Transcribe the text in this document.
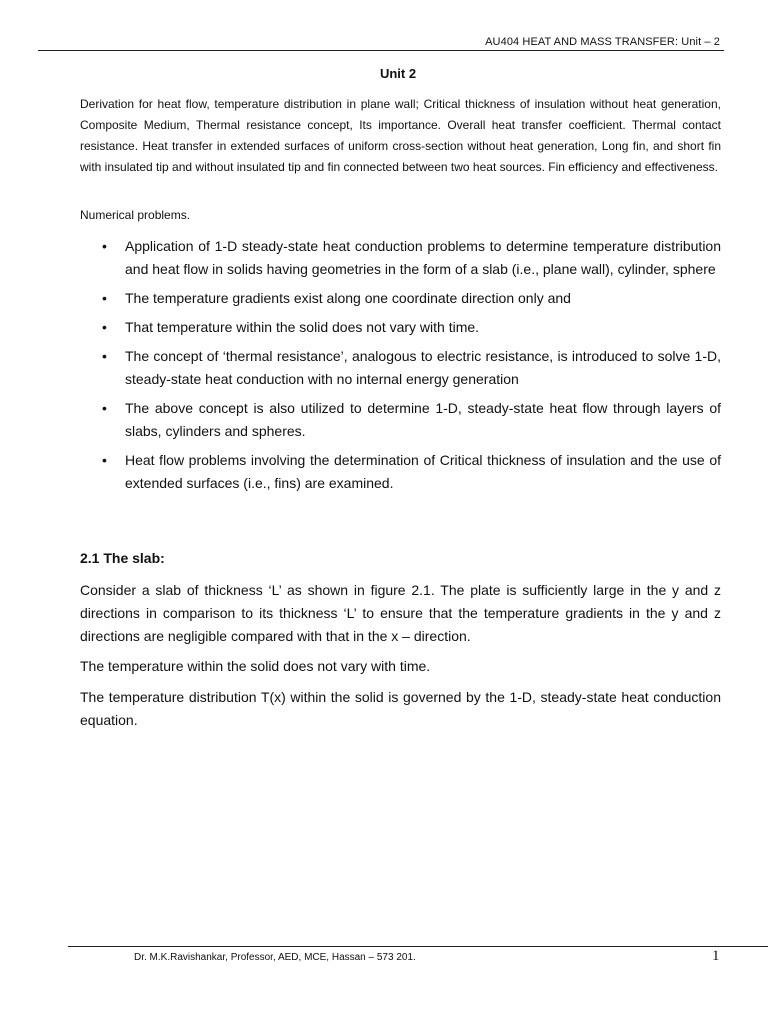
AU404 HEAT AND MASS TRANSFER: Unit – 2
Unit 2

Derivation for heat flow, temperature distribution in plane wall; Critical thickness of insulation without heat generation, Composite Medium, Thermal resistance concept, Its importance. Overall heat transfer coefficient. Thermal contact resistance. Heat transfer in extended surfaces of uniform cross-section without heat generation, Long fin, and short fin with insulated tip and without insulated tip and fin connected between two heat sources. Fin efficiency and effectiveness.

Numerical problems.
• Application of 1-D steady-state heat conduction problems to determine temperature distribution and heat flow in solids having geometries in the form of a slab (i.e., plane wall), cylinder, sphere
• The temperature gradients exist along one coordinate direction only and
• That temperature within the solid does not vary with time.
• The concept of ‘thermal resistance’, analogous to electric resistance, is introduced to solve 1-D, steady-state heat conduction with no internal energy generation
• The above concept is also utilized to determine 1-D, steady-state heat flow through layers of slabs, cylinders and spheres.
• Heat flow problems involving the determination of Critical thickness of insulation and the use of extended surfaces (i.e., fins) are examined.
2.1 The slab:

Consider a slab of thickness ‘L’ as shown in figure 2.1. The plate is sufficiently large in the y and z directions in comparison to its thickness ‘L’ to ensure that the temperature gradients in the y and z directions are negligible compared with that in the x – direction.

The temperature within the solid does not vary with time.

The temperature distribution T(x) within the solid is governed by the 1-D, steady-state heat conduction equation.

Dr. M.K.Ravishankar, Professor, AED, MCE, Hassan – 573 201.	1
